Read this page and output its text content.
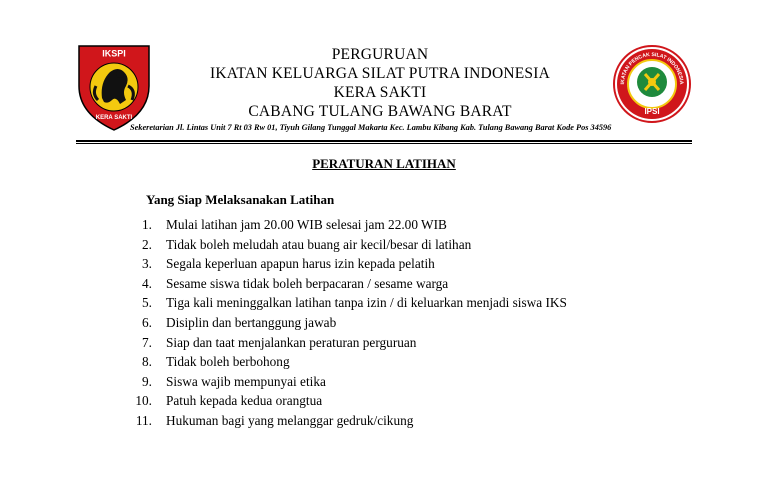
IKSPI
KERA SAKTI
IKATAN PENCAK SILAT INDONESIA
IPSI
PERGURUAN
IKATAN KELUARGA SILAT PUTRA INDONESIA
KERA SAKTI
CABANG TULANG BAWANG BARAT
Sekeretarian Jl. Lintas Unit 7 Rt 03 Rw 01, Tiyuh Gilang Tunggal Makarta Kec. Lambu Kibang Kab. Tulang Bawang Barat Kode Pos 34596
PERATURAN LATIHAN
Yang Siap Melaksanakan Latihan
1. Mulai latihan jam 20.00 WIB selesai jam 22.00 WIB
2. Tidak boleh meludah atau buang air kecil/besar di latihan
3. Segala keperluan apapun harus izin kepada pelatih
4. Sesame siswa tidak boleh berpacaran / sesame warga
5. Tiga kali meninggalkan latihan tanpa izin / di keluarkan menjadi siswa IKS
6. Disiplin dan bertanggung jawab
7. Siap dan taat menjalankan peraturan perguruan
8. Tidak boleh berbohong
9. Siswa wajib mempunyai etika
10. Patuh kepada kedua orangtua
11. Hukuman bagi yang melanggar gedruk/cikung
